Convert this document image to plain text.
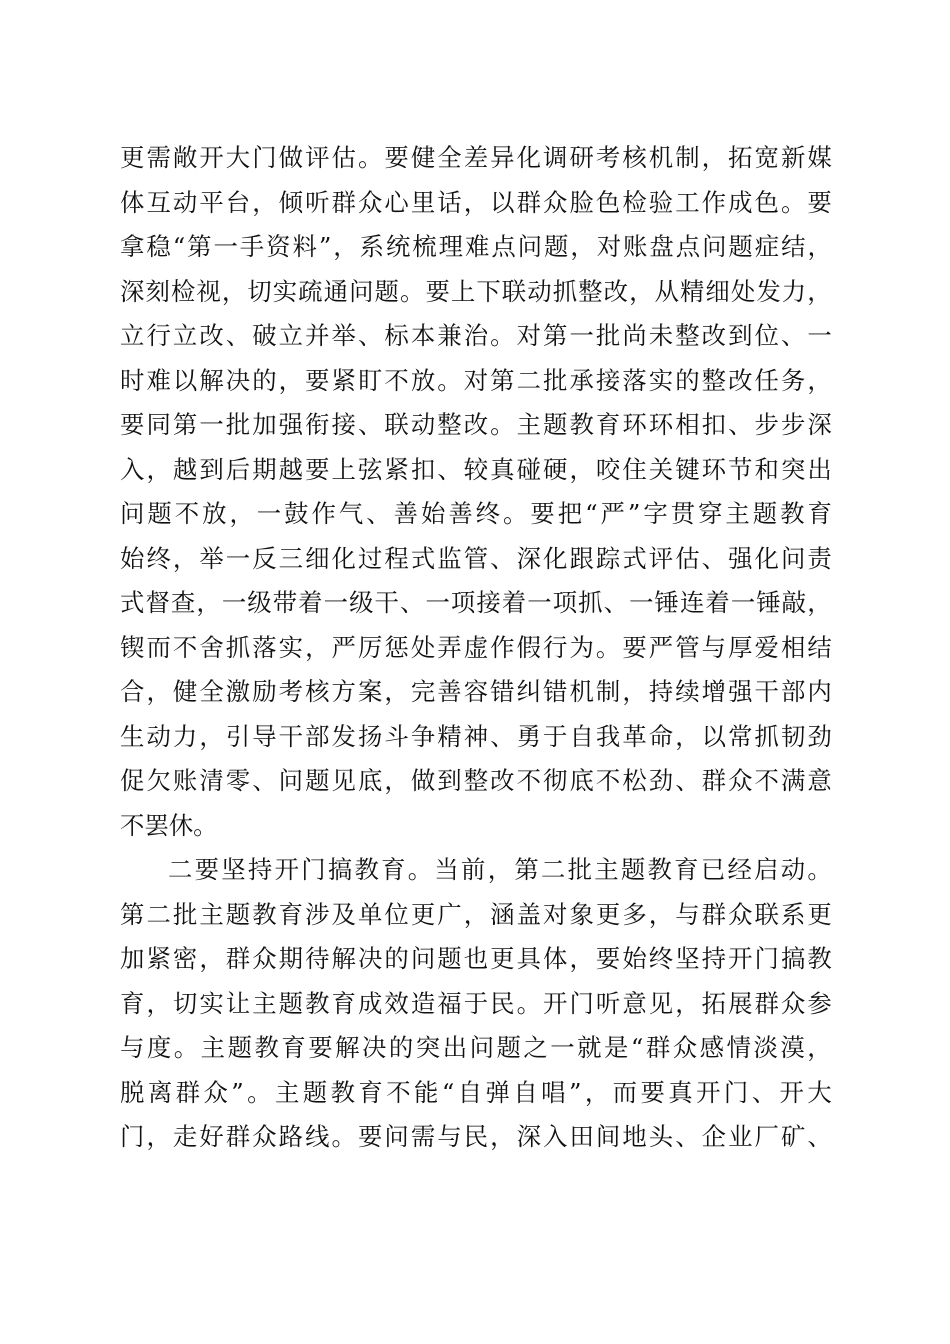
更 需 敞 开 大 门 做 评 估 。 要 健 全 差 异 化 调 研 考 核 机 制 ， 拓 宽 新 媒
体 互 动 平 台 ， 倾 听 群 众 心 里 话 ， 以 群 众 脸 色 检 验 工 作 成 色 。 要
拿 稳 “ 第 一 手 资 料 ” ， 系 统 梳 理 难 点 问 题 ， 对 账 盘 点 问 题 症 结 ，
深 刻 检 视 ， 切 实 疏 通 问 题 。 要 上 下 联 动 抓 整 改 ， 从 精 细 处 发 力 ，
立 行 立 改 、 破 立 并 举 、 标 本 兼 治 。 对 第 一 批 尚 未 整 改 到 位 、 一
时 难 以 解 决 的 ， 要 紧 盯 不 放 。 对 第 二 批 承 接 落 实 的 整 改 任 务 ，
要 同 第 一 批 加 强 衔 接 、 联 动 整 改 。 主 题 教 育 环 环 相 扣 、 步 步 深
入 ， 越 到 后 期 越 要 上 弦 紧 扣 、 较 真 碰 硬 ， 咬 住 关 键 环 节 和 突 出
问 题 不 放 ， 一 鼓 作 气 、 善 始 善 终 。 要 把 “ 严 ” 字 贯 穿 主 题 教 育
始 终 ， 举 一 反 三 细 化 过 程 式 监 管 、 深 化 跟 踪 式 评 估 、 强 化 问 责
式 督 查 ， 一 级 带 着 一 级 干 、 一 项 接 着 一 项 抓 、 一 锤 连 着 一 锤 敲 ，
锲 而 不 舍 抓 落 实 ， 严 厉 惩 处 弄 虚 作 假 行 为 。 要 严 管 与 厚 爱 相 结
合 ， 健 全 激 励 考 核 方 案 ， 完 善 容 错 纠 错 机 制 ， 持 续 增 强 干 部 内
生 动 力 ， 引 导 干 部 发 扬 斗 争 精 神 、 勇 于 自 我 革 命 ， 以 常 抓 韧 劲
促 欠 账 清 零 、 问 题 见 底 ， 做 到 整 改 不 彻 底 不 松 劲 、 群 众 不 满 意
不罢休。
二 要 坚 持 开 门 搞 教 育 。 当 前 ， 第 二 批 主 题 教 育 已 经 启 动 。
第 二 批 主 题 教 育 涉 及 单 位 更 广 ， 涵 盖 对 象 更 多 ， 与 群 众 联 系 更
加 紧 密 ， 群 众 期 待 解 决 的 问 题 也 更 具 体 ， 要 始 终 坚 持 开 门 搞 教
育 ， 切 实 让 主 题 教 育 成 效 造 福 于 民 。 开 门 听 意 见 ， 拓 展 群 众 参
与 度 。 主 题 教 育 要 解 决 的 突 出 问 题 之 一 就 是 “ 群 众 感 情 淡 漠 ，
脱 离 群 众 ” 。 主 题 教 育 不 能 “ 自 弹 自 唱 ” ， 而 要 真 开 门 、 开 大
门 ， 走 好 群 众 路 线 。 要 问 需 与 民 ， 深 入 田 间 地 头 、 企 业 厂 矿 、
